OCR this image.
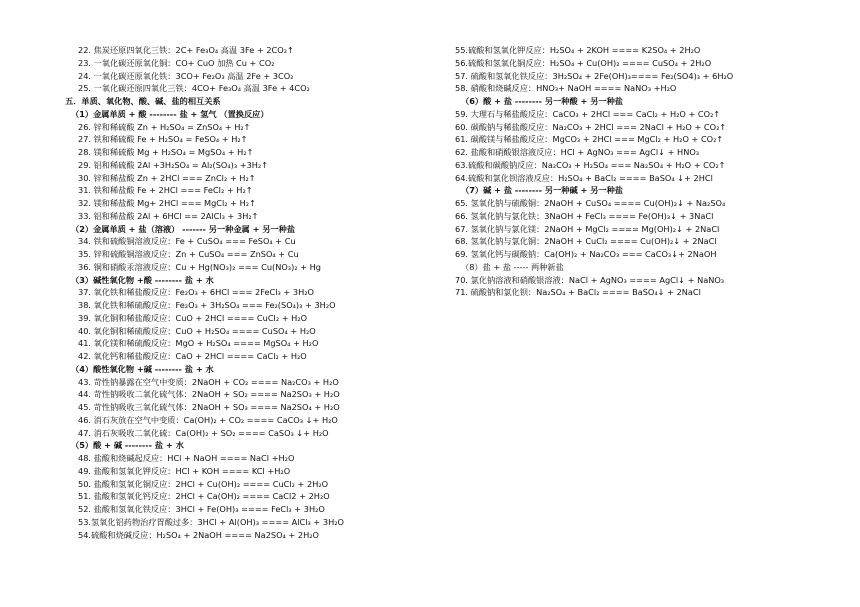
22. 焦炭还原四氧化三铁：2C+ Fe₃O₄ 高温 3Fe + 2CO₂↑
23. 一氧化碳还原氧化铜：CO+ CuO 加热 Cu + CO₂
24. 一氧化碳还原氧化铁：3CO+ Fe₂O₃ 高温 2Fe + 3CO₂
25. 一氧化碳还原四氧化三铁：4CO+ Fe₃O₄ 高温 3Fe + 4CO₂
五．单质、氧化物、酸、碱、盐的相互关系
（1）金属单质 + 酸 -------- 盐 + 氢气 （置换反应）
26. 锌和稀硫酸 Zn + H₂SO₄ = ZnSO₄ + H₂↑
27. 铁和稀硫酸 Fe + H₂SO₄ = FeSO₄ + H₂↑
28. 镁和稀硫酸 Mg + H₂SO₄ = MgSO₄ + H₂↑
29. 铝和稀硫酸 2Al +3H₂SO₄ = Al₂(SO₄)₃ +3H₂↑
30. 锌和稀盐酸 Zn + 2HCl === ZnCl₂ + H₂↑
31. 铁和稀盐酸 Fe + 2HCl === FeCl₂ + H₂↑
32. 镁和稀盐酸 Mg+ 2HCl === MgCl₂ + H₂↑
33. 铝和稀盐酸 2Al + 6HCl == 2AlCl₃ + 3H₂↑
（2）金属单质 + 盐（溶液） ------- 另一种金属 + 另一种盐
34. 铁和硫酸铜溶液反应：Fe + CuSO₄ === FeSO₄ + Cu
35. 锌和硫酸铜溶液反应：Zn + CuSO₄ === ZnSO₄ + Cu
36. 铜和硝酸汞溶液反应：Cu + Hg(NO₃)₂ === Cu(NO₃)₂ + Hg
（3）碱性氧化物 +酸 -------- 盐 + 水
37. 氧化铁和稀盐酸反应：Fe₂O₃ + 6HCl === 2FeCl₃ + 3H₂O
38. 氧化铁和稀硫酸反应：Fe₂O₃ + 3H₂SO₄ === Fe₂(SO₄)₃ + 3H₂O
39. 氧化铜和稀盐酸反应：CuO + 2HCl ==== CuCl₂ + H₂O
40. 氧化铜和稀硫酸反应：CuO + H₂SO₄ ==== CuSO₄ + H₂O
41. 氧化镁和稀硫酸反应：MgO + H₂SO₄ ==== MgSO₄ + H₂O
42. 氧化钙和稀盐酸反应：CaO + 2HCl ==== CaCl₂ + H₂O
（4）酸性氧化物 +碱 -------- 盐 + 水
43. 苛性钠暴露在空气中变质：2NaOH + CO₂ ==== Na₂CO₃ + H₂O
44. 苛性钠吸收二氧化硫气体：2NaOH + SO₂ ==== Na2SO₃ + H₂O
45. 苛性钠吸收三氧化硫气体：2NaOH + SO₃ ==== Na2SO₄ + H₂O
46. 消石灰放在空气中变质：Ca(OH)₂ + CO₂ ==== CaCO₃ ↓+ H₂O
47. 消石灰吸收二氧化硫：Ca(OH)₂ + SO₂ ==== CaSO₃ ↓+ H₂O
（5）酸 + 碱 -------- 盐 + 水
48. 盐酸和烧碱起反应：HCl + NaOH ==== NaCl +H₂O
49. 盐酸和氢氧化钾反应：HCl + KOH ==== KCl +H₂O
50. 盐酸和氢氧化铜反应：2HCl + Cu(OH)₂ ==== CuCl₂ + 2H₂O
51. 盐酸和氢氧化钙反应：2HCl + Ca(OH)₂ ==== CaCl2 + 2H₂O
52. 盐酸和氢氧化铁反应：3HCl + Fe(OH)₃ ==== FeCl₃ + 3H₂O
53.氢氧化铝药物治疗胃酸过多：3HCl + Al(OH)₃ ==== AlCl₃ + 3H₂O
54.硫酸和烧碱反应：H₂SO₄ + 2NaOH ==== Na2SO₄ + 2H₂O
55.硫酸和氢氧化钾反应：H₂SO₄ + 2KOH ==== K2SO₄ + 2H₂O
56.硫酸和氢氧化铜反应：H₂SO₄ + Cu(OH)₂ ==== CuSO₄ + 2H₂O
57. 硫酸和氢氧化铁反应：3H₂SO₄ + 2Fe(OH)₃==== Fe₂(SO4)₃ + 6H₂O
58. 硝酸和烧碱反应：HNO₃+ NaOH ==== NaNO₃ +H₂O
（6）酸 + 盐 -------- 另一种酸 + 另一种盐
59. 大理石与稀盐酸反应：CaCO₃ + 2HCl === CaCl₂ + H₂O + CO₂↑
60. 碳酸钠与稀盐酸反应：Na₂CO₃ + 2HCl === 2NaCl + H₂O + CO₂↑
61. 碳酸镁与稀盐酸反应：MgCO₃ + 2HCl === MgCl₂ + H₂O + CO₂↑
62. 盐酸和硝酸银溶液反应：HCl + AgNO₃ === AgCl↓ + HNO₃
63.硫酸和碳酸钠反应：Na₂CO₃ + H₂SO₄ === Na₂SO₄ + H₂O + CO₂↑
64.硫酸和氯化钡溶液反应：H₂SO₄ + BaCl₂ ==== BaSO₄ ↓+ 2HCl
（7）碱 + 盐 -------- 另一种碱 + 另一种盐
65. 氢氧化钠与硫酸铜：2NaOH + CuSO₄ ==== Cu(OH)₂↓ + Na₂SO₄
66. 氢氧化钠与氯化铁：3NaOH + FeCl₃ ==== Fe(OH)₃↓ + 3NaCl
67. 氢氧化钠与氯化镁：2NaOH + MgCl₂ ==== Mg(OH)₂↓ + 2NaCl
68. 氢氧化钠与氯化铜：2NaOH + CuCl₂ ==== Cu(OH)₂↓ + 2NaCl
69. 氢氧化钙与碳酸钠：Ca(OH)₂ + Na₂CO₃ === CaCO₃↓+ 2NaOH
（8）盐 + 盐 ----- 两种新盐
70. 氯化钠溶液和硝酸银溶液：NaCl + AgNO₃ ==== AgCl↓ + NaNO₃
71. 硫酸钠和氯化钡：Na₂SO₄ + BaCl₂ ==== BaSO₄↓ + 2NaCl
